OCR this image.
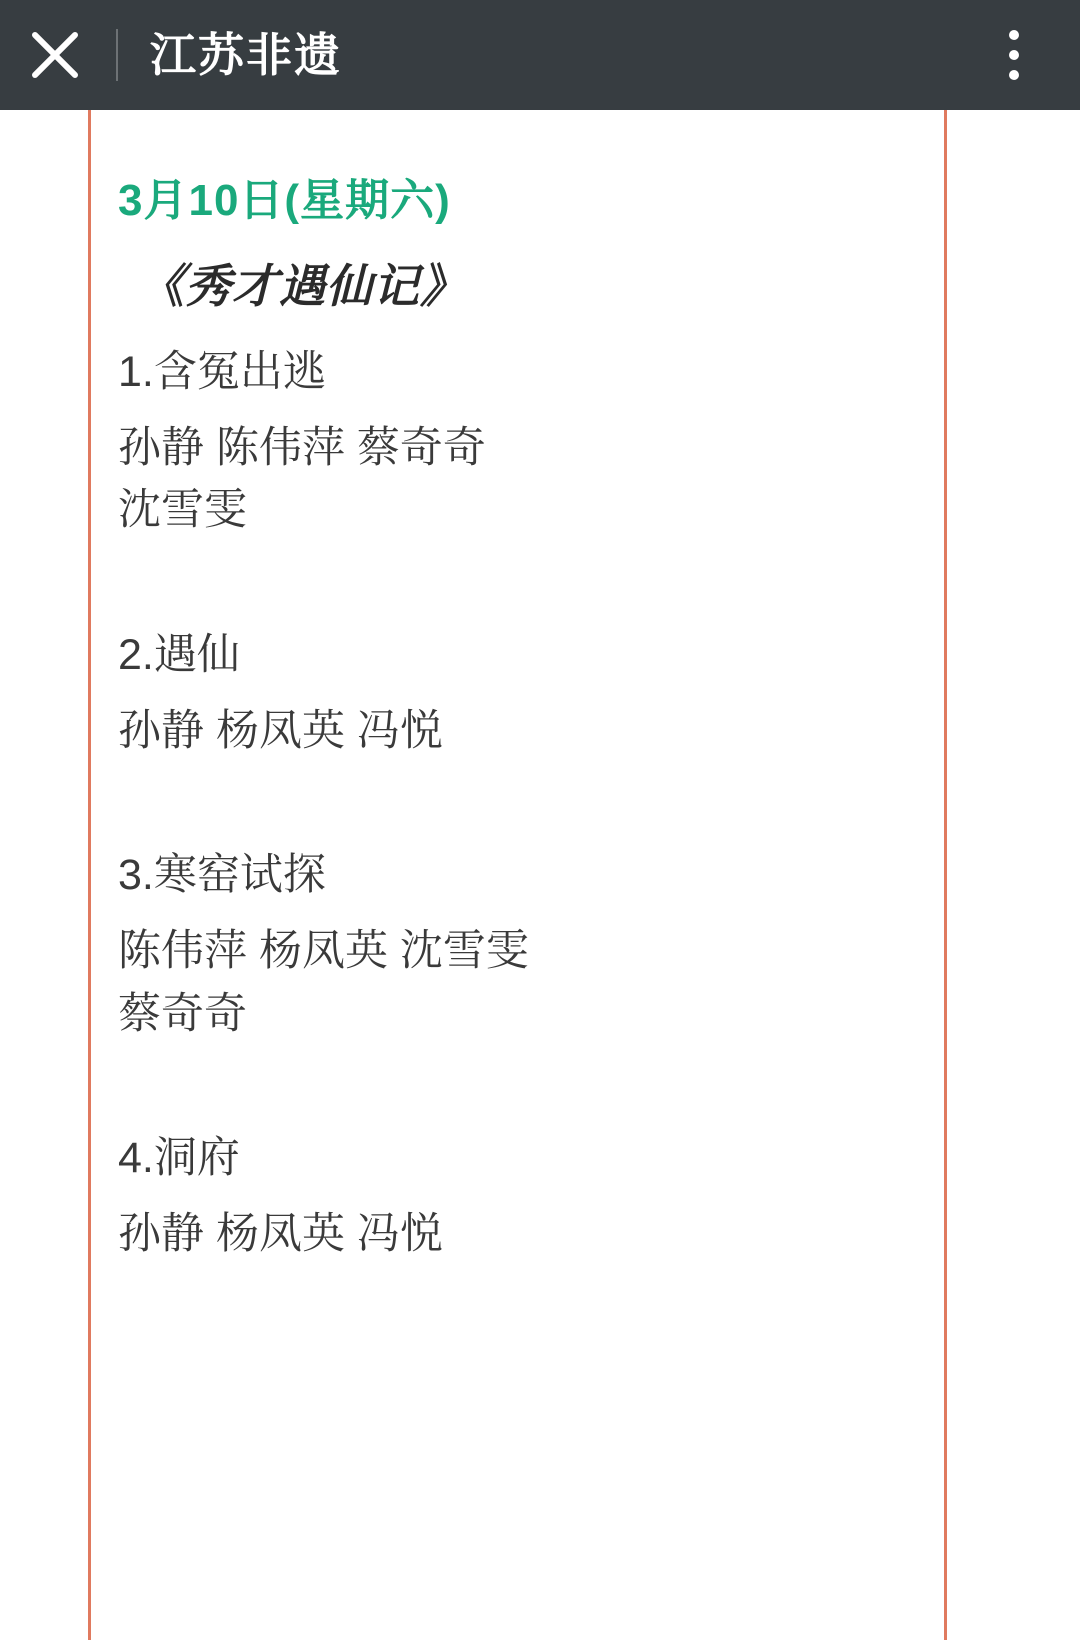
江苏非遗
3月10日(星期六)
《秀才遇仙记》
1.含冤出逃
孙静 陈伟萍 蔡奇奇
沈雪雯
2.遇仙
孙静 杨凤英 冯悦
3.寒窑试探
陈伟萍 杨凤英 沈雪雯
蔡奇奇
4.洞府
孙静 杨凤英 冯悦
